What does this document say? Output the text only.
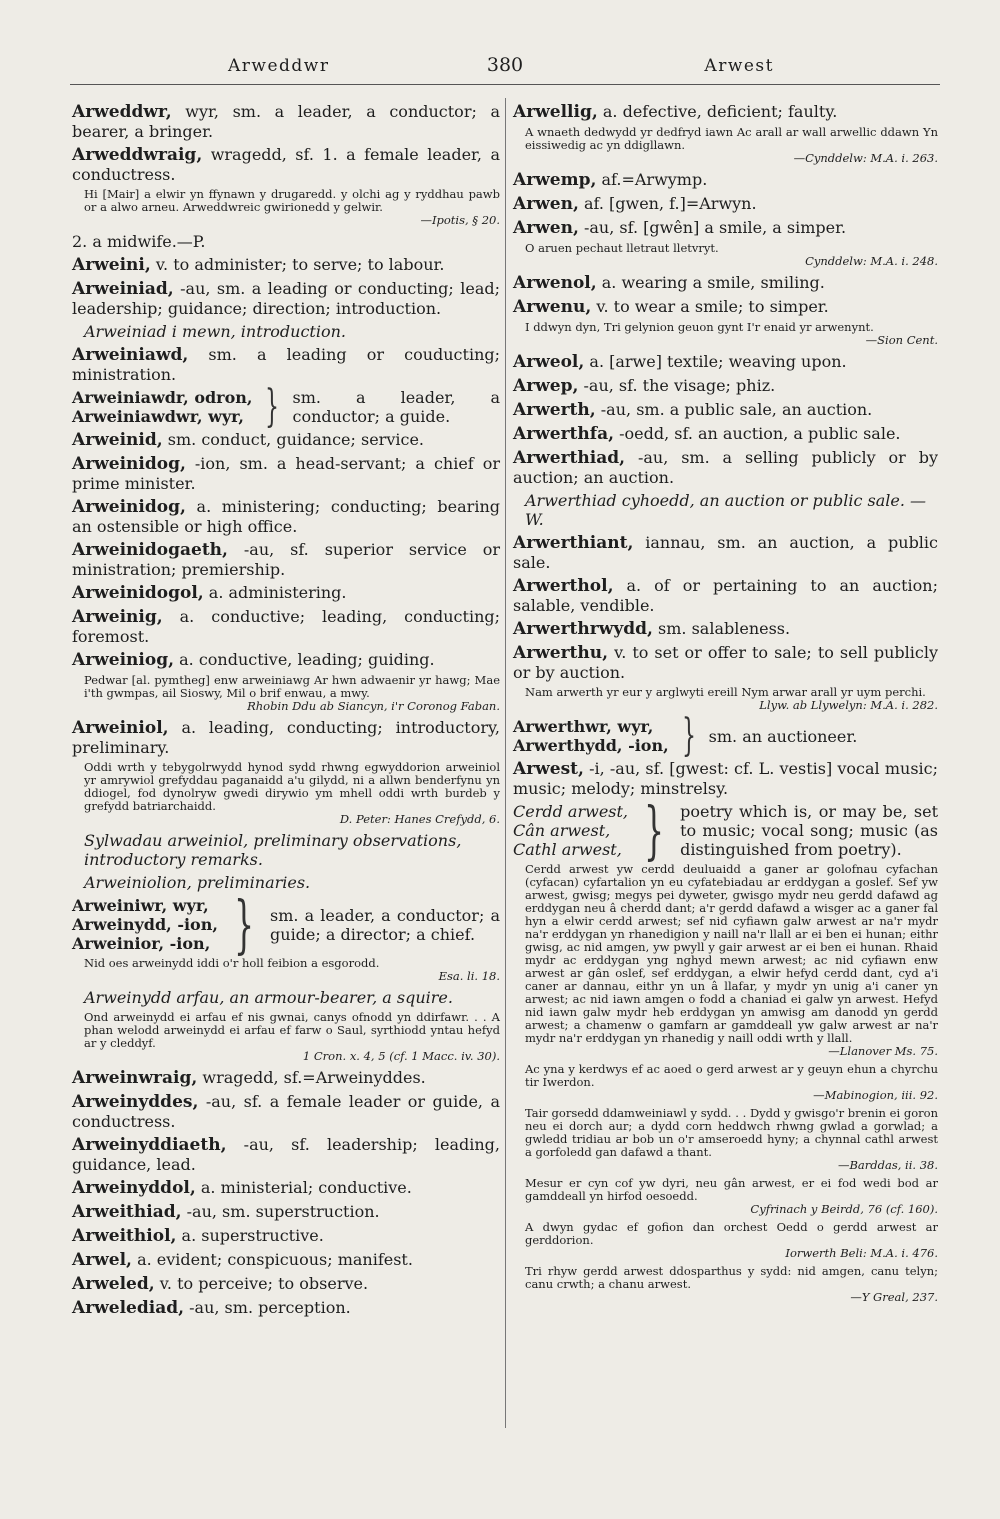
Arweddwr	380	Arwest

Arweddwr, wyr, sm. a leader, a conductor; a bearer, a bringer.

Arweddwraig, wragedd, sf. 1. a female leader, a conductress.

Hi [Mair] a elwir yn ffynawn y drugaredd. y olchi ag y ryddhau pawb or a alwo arneu. Arweddwreic gwirionedd y gelwir.
—Ipotis, § 20.

2. a midwife.—P.

Arweini, v. to administer; to serve; to labour.

Arweiniad, -au, sm. a leading or conducting; lead; leadership; guidance; direction; introduction.

Arweiniad i mewn, introduction.

Arweiniawd, sm. a leading or couducting; ministration.

Arweiniawdr, odron,
Arweiniawdwr, wyr, } sm. a leader, a conductor; a guide.

Arweinid, sm. conduct, guidance; service.

Arweinidog, -ion, sm. a head-servant; a chief or prime minister.

Arweinidog, a. ministering; conducting; bearing an ostensible or high office.

Arweinidogaeth, -au, sf. superior service or ministration; premiership.

Arweinidogol, a. administering.

Arweinig, a. conductive; leading, conducting; foremost.

Arweiniog, a. conductive, leading; guiding.

Pedwar [al. pymtheg] enw arweiniawg Ar hwn adwaenir yr hawg; Mae i'th gwmpas, ail Sioswy, Mil o brif enwau, a mwy.
Rhobin Ddu ab Siancyn, i'r Coronog Faban.

Arweiniol, a. leading, conducting; introductory, preliminary.

Oddi wrth y tebygolrwydd hynod sydd rhwng egwyddorion arweiniol yr amrywiol grefyddau paganaidd a'u gilydd, ni a allwn benderfynu yn ddiogel, fod dynolryw gwedi dirywio ym mhell oddi wrth burdeb y grefydd batriarchaidd.
D. Peter: Hanes Crefydd, 6.

Sylwadau arweiniol, preliminary observations, introductory remarks.

Arweiniolion, preliminaries.

Arweiniwr, wyr,
Arweinydd, -ion,
Arweinior, -ion, } sm. a leader, a conductor; a guide; a director; a chief.

Nid oes arweinydd iddi o'r holl feibion a esgorodd.
Esa. li. 18.

Arweinydd arfau, an armour-bearer, a squire.

Ond arweinydd ei arfau ef nis gwnai, canys ofnodd yn ddirfawr. . . A phan welodd arweinydd ei arfau ef farw o Saul, syrthiodd yntau hefyd ar y cleddyf.
1 Cron. x. 4, 5 (cf. 1 Macc. iv. 30).

Arweinwraig, wragedd, sf.=Arweinyddes.

Arweinyddes, -au, sf. a female leader or guide, a conductress.

Arweinyddiaeth, -au, sf. leadership; leading, guidance, lead.

Arweinyddol, a. ministerial; conductive.

Arweithiad, -au, sm. superstruction.

Arweithiol, a. superstructive.

Arwel, a. evident; conspicuous; manifest.

Arweled, v. to perceive; to observe.

Arwelediad, -au, sm. perception.

Arwellig, a. defective, deficient; faulty.

A wnaeth dedwydd yr dedfryd iawn Ac arall ar wall arwellic ddawn Yn eissiwedig ac yn ddigllawn.
—Cynddelw: M.A. i. 263.

Arwemp, af.=Arwymp.

Arwen, af. [gwen, f.]=Arwyn.

Arwen, -au, sf. [gwên] a smile, a simper.

O aruen pechaut lletraut lletvryt.
Cynddelw: M.A. i. 248.

Arwenol, a. wearing a smile, smiling.

Arwenu, v. to wear a smile; to simper.

I ddwyn dyn, Tri gelynion geuon gynt I'r enaid yr arwenynt.
—Sion Cent.

Arweol, a. [arwe] textile; weaving upon.

Arwep, -au, sf. the visage; phiz.

Arwerth, -au, sm. a public sale, an auction.

Arwerthfa, -oedd, sf. an auction, a public sale.

Arwerthiad, -au, sm. a selling publicly or by auction; an auction.

Arwerthiad cyhoedd, an auction or public sale. —W.

Arwerthiant, iannau, sm. an auction, a public sale.

Arwerthol, a. of or pertaining to an auction; salable, vendible.

Arwerthrwydd, sm. salableness.

Arwerthu, v. to set or offer to sale; to sell publicly or by auction.

Nam arwerth yr eur y arglwyti ereill Nym arwar arall yr uym perchi.
Llyw. ab Llywelyn: M.A. i. 282.

Arwerthwr, wyr,
Arwerthydd, -ion, } sm. an auctioneer.

Arwest, -i, -au, sf. [gwest: cf. L. vestis] vocal music; music; melody; minstrelsy.

Cerdd arwest,
Cân arwest,
Cathl arwest, } poetry which is, or may be, set to music; vocal song; music (as distinguished from poetry).

Cerdd arwest yw cerdd deuluaidd a ganer ar golofnau cyfachan (cyfacan) cyfartalion yn eu cyfatebiadau ar erddygan a goslef. Sef yw arwest, gwisg; megys pei dyweter, gwisgo mydr neu gerdd dafawd ag erddygan neu â cherdd dant; a'r gerdd dafawd a wisger ac a ganer fal hyn a elwir cerdd arwest; sef nid cyfiawn galw arwest ar na'r mydr na'r erddygan yn rhanedigion y naill na'r llall ar ei ben ei hunan; eithr gwisg, ac nid amgen, yw pwyll y gair arwest ar ei ben ei hunan. Rhaid mydr ac erddygan yng nghyd mewn arwest; ac nid cyfiawn enw arwest ar gân oslef, sef erddygan, a elwir hefyd cerdd dant, cyd a'i caner ar dannau, eithr yn un â llafar, y mydr yn unig a'i caner yn arwest; ac nid iawn amgen o fodd a chaniad ei galw yn arwest. Hefyd nid iawn galw mydr heb erddygan yn amwisg am danodd yn gerdd arwest; a chamenw o gamfarn ar gamddeall yw galw arwest ar na'r mydr na'r erddygan yn rhanedig y naill oddi wrth y llall.
—Llanover Ms. 75.

Ac yna y kerdwys ef ac aoed o gerd arwest ar y geuyn ehun a chyrchu tir Iwerdon.
—Mabinogion, iii. 92.

Tair gorsedd ddamweiniawl y sydd. . . Dydd y gwisgo'r brenin ei goron neu ei dorch aur; a dydd corn heddwch rhwng gwlad a gorwlad; a gwledd tridiau ar bob un o'r amseroedd hyny; a chynnal cathl arwest a gorfoledd gan dafawd a thant.
—Barddas, ii. 38.

Mesur er cyn cof yw dyri, neu gân arwest, er ei fod wedi bod ar gamddeall yn hirfod oesoedd.
Cyfrinach y Beirdd, 76 (cf. 160).

A dwyn gydac ef gofion dan orchest Oedd o gerdd arwest ar gerddorion.
Iorwerth Beli: M.A. i. 476.

Tri rhyw gerdd arwest ddosparthus y sydd: nid amgen, canu telyn; canu crwth; a chanu arwest.
—Y Greal, 237.
